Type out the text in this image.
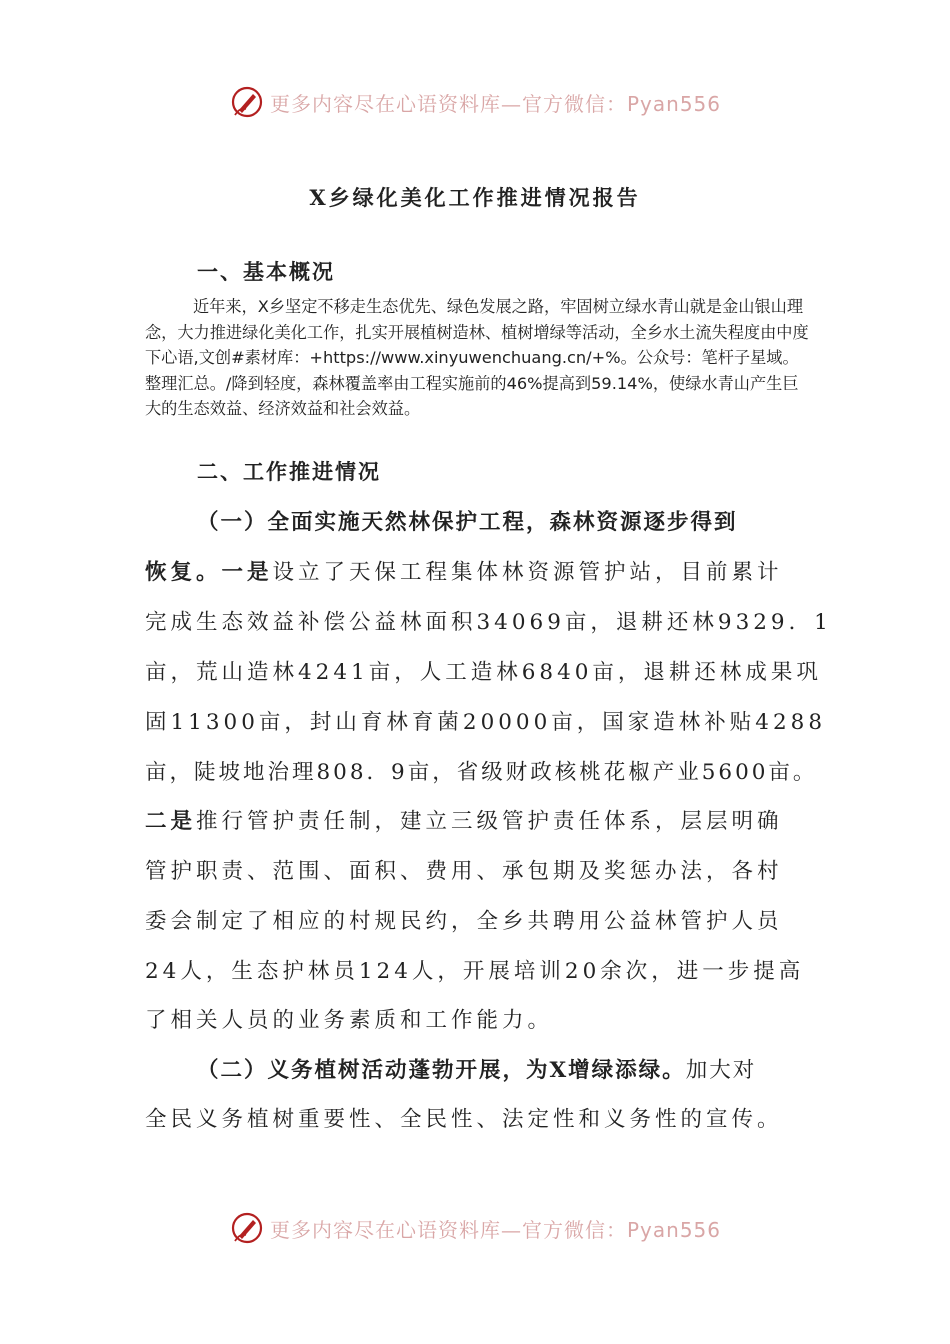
更多内容尽在心语资料库—官方微信：Pyan556
X乡绿化美化工作推进情况报告
一、基本概况
近年来，X乡坚定不移走生态优先、绿色发展之路，牢固树立绿水青山就是金山银山理念，大力推进绿化美化工作，扎实开展植树造林、植树增绿等活动，全乡水土流失程度由中度下心语,文创#素材库：+https://www.xinyuwenchuang.cn/+%。公众号：笔杆子星域。整理汇总。/降到轻度，森林覆盖率由工程实施前的46%提高到59.14%，使绿水青山产生巨大的生态效益、经济效益和社会效益。
二、工作推进情况
（一）全面实施天然林保护工程，森林资源逐步得到
恢复。一是设立了天保工程集体林资源管护站，目前累计
完成生态效益补偿公益林面积34069亩，退耕还林9329．1
亩，荒山造林4241亩，人工造林6840亩，退耕还林成果巩
固11300亩，封山育林育菌20000亩，国家造林补贴4288
亩，陡坡地治理808．9亩，省级财政核桃花椒产业5600亩。
二是推行管护责任制，建立三级管护责任体系，层层明确
管护职责、范围、面积、费用、承包期及奖惩办法，各村
委会制定了相应的村规民约，全乡共聘用公益林管护人员
24人，生态护林员124人，开展培训20余次，进一步提高
了相关人员的业务素质和工作能力。
（二）义务植树活动蓬勃开展，为X增绿添绿。加大对
全民义务植树重要性、全民性、法定性和义务性的宣传。
更多内容尽在心语资料库—官方微信：Pyan556
